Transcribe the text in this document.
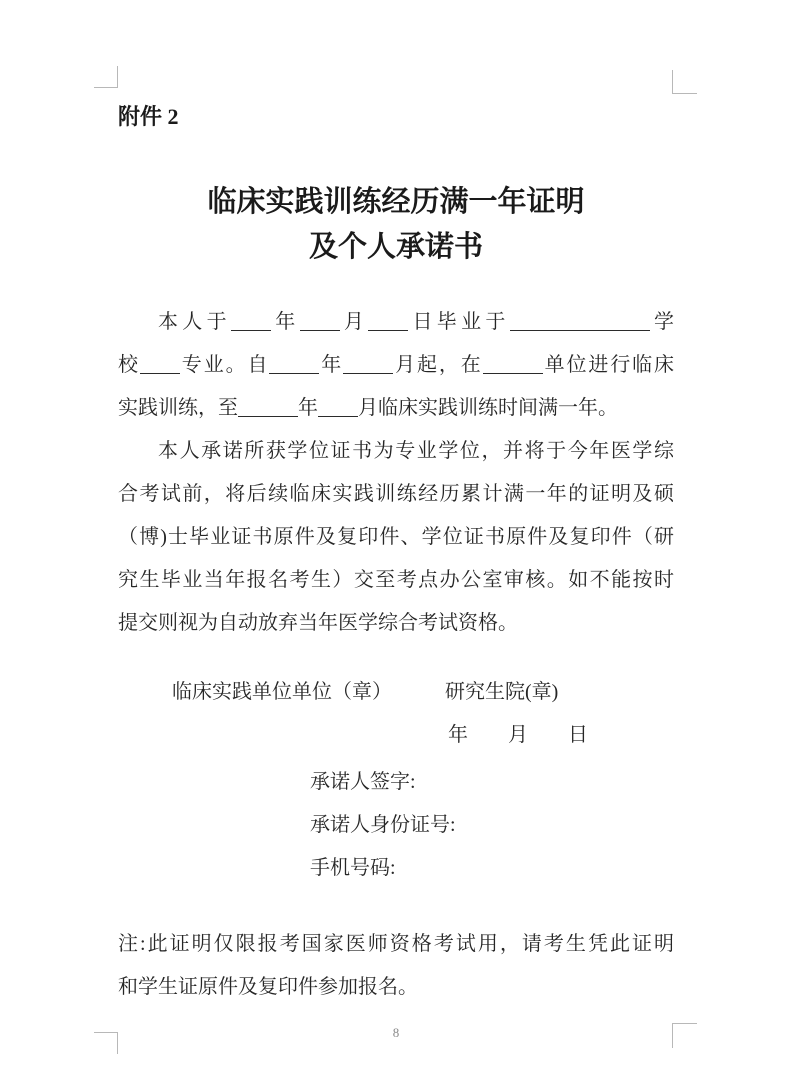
附件 2
临床实践训练经历满一年证明
及个人承诺书
本人于 年 月 日毕业于	学
校 专业。自	年	月起，在	单位进行临床
实践训练，至	年 月临床实践训练时间满一年。
本人承诺所获学位证书为专业学位，并将于今年医学综
合考试前，将后续临床实践训练经历累计满一年的证明及硕
（博)士毕业证书原件及复印件、学位证书原件及复印件（研
究生毕业当年报名考生）交至考点办公室审核。如不能按时
提交则视为自动放弃当年医学综合考试资格。
临床实践单位单位（章）	研究生院(章)
年　　月　　日
承诺人签字:
承诺人身份证号:
手机号码:
注:此证明仅限报考国家医师资格考试用，请考生凭此证明
和学生证原件及复印件参加报名。
8
